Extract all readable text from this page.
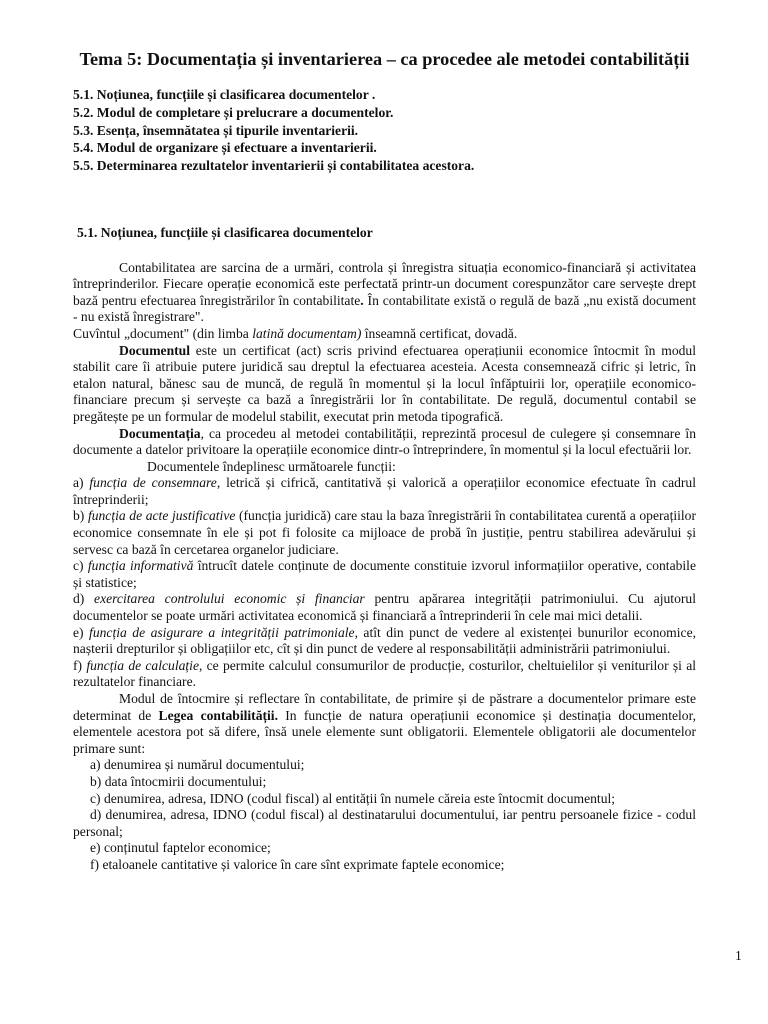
Tema 5: Documentația și inventarierea – ca procedee ale metodei contabilității
5.1. Noțiunea, funcțiile și clasificarea documentelor .
5.2. Modul de completare și prelucrare a documentelor.
5.3. Esența, însemnătatea și tipurile inventarierii.
5.4. Modul de organizare și efectuare a inventarierii.
5.5. Determinarea rezultatelor inventarierii și contabilitatea acestora.
5.1. Noțiunea, funcțiile și clasificarea documentelor

Contabilitatea are sarcina de a urmări, controla și înregistra situația economico-financiară și activitatea întreprinderilor. Fiecare operație economică este perfectată printr-un document corespunzător care servește drept bază pentru efectuarea înregistrărilor în contabilitate. În contabilitate există o regulă de bază „nu există document - nu există înregistrare".

Cuvîntul „document" (din limba latină documentam) înseamnă certificat, dovadă.

Documentul este un certificat (act) scris privind efectuarea operațiunii economice întocmit în modul stabilit care îi atribuie putere juridică sau dreptul la efectuarea acesteia. Acesta consemnează cifric și letric, în etalon natural, bănesc sau de muncă, de regulă în momentul și la locul înfăptuirii lor, operațiile economico-financiare precum și servește ca bază a înregistrării lor în contabilitate. De regulă, documentul contabil se pregătește pe un formular de modelul stabilit, executat prin metoda tipografică.

Documentația, ca procedeu al metodei contabilității, reprezintă procesul de culegere și consemnare în documente a datelor privitoare la operațiile economice dintr-o întreprindere, în momentul și la locul efectuării lor.

Documentele îndeplinesc următoarele funcții:

a) funcția de consemnare, letrică și cifrică, cantitativă și valorică a operațiilor economice efectuate în cadrul întreprinderii;

b) funcția de acte justificative (funcția juridică) care stau la baza înregistrării în contabilitatea curentă a operațiilor economice consemnate în ele și pot fi folosite ca mijloace de probă în justiție, pentru stabilirea adevărului și servesc ca bază în cercetarea organelor judiciare.

c) funcția informativă întrucît datele conținute de documente constituie izvorul informațiilor operative, contabile și statistice;

d) exercitarea controlului economic și financiar pentru apărarea integrității patrimoniului. Cu ajutorul documentelor se poate urmări activitatea economică și financiară a întreprinderii în cele mai mici detalii.

e) funcția de asigurare a integrității patrimoniale, atît din punct de vedere al existenței bunurilor economice, nașterii drepturilor și obligațiilor etc, cît și din punct de vedere al responsabilității administrării patrimoniului.

f) funcția de calculație, ce permite calculul consumurilor de producție, costurilor, cheltuielilor și veniturilor și al rezultatelor financiare.

Modul de întocmire și reflectare în contabilitate, de primire și de păstrare a documentelor primare este determinat de Legea contabilității. In funcție de natura operațiunii economice și destinația documentelor, elementele acestora pot să difere, însă unele elemente sunt obligatorii. Elementele obligatorii ale documentelor primare sunt:

a) denumirea și numărul documentului;

b) data întocmirii documentului;

c) denumirea, adresa, IDNO (codul fiscal) al entității în numele căreia este întocmit documentul;

d) denumirea, adresa, IDNO (codul fiscal) al destinatarului documentului, iar pentru persoanele fizice - codul personal;

e) conținutul faptelor economice;

f) etaloanele cantitative și valorice în care sînt exprimate faptele economice;

1
